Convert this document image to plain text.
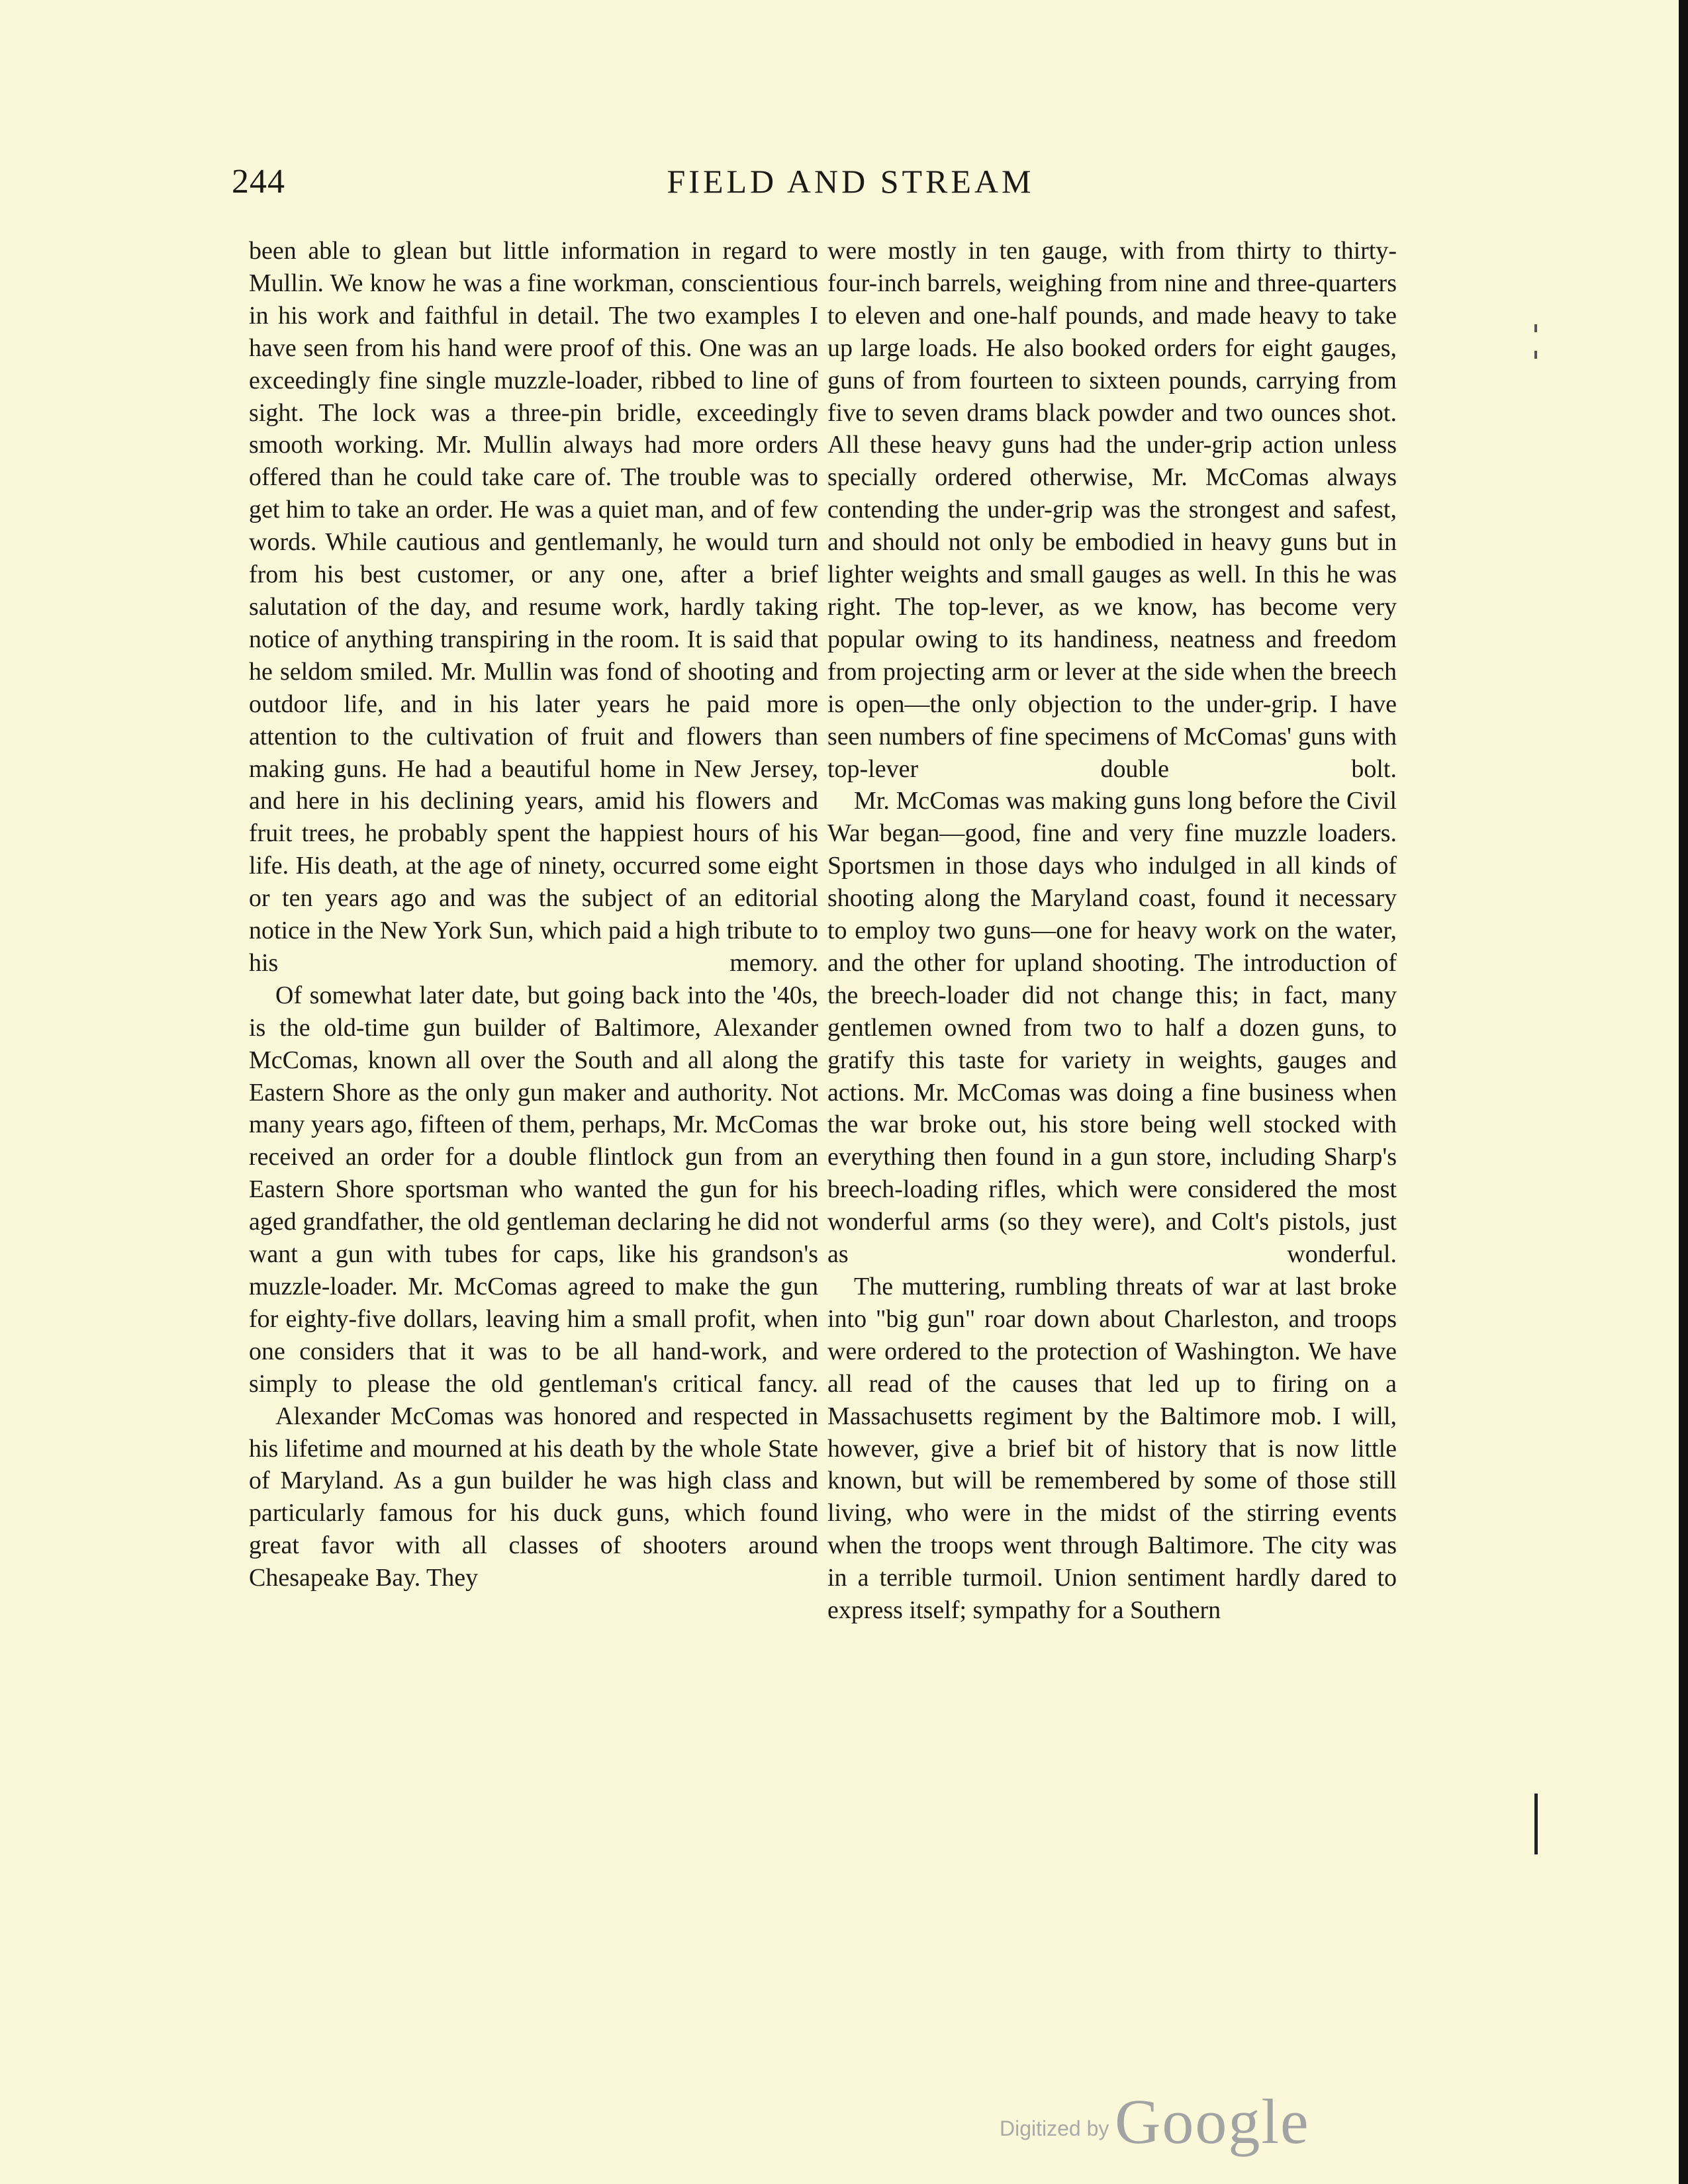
244	FIELD AND STREAM

been able to glean but little information in regard to Mullin. We know he was a fine workman, conscientious in his work and faithful in detail. The two examples I have seen from his hand were proof of this. One was an exceedingly fine single muzzle-loader, ribbed to line of sight. The lock was a three-pin bridle, exceedingly smooth working. Mr. Mullin always had more orders offered than he could take care of. The trouble was to get him to take an order. He was a quiet man, and of few words. While cautious and gentlemanly, he would turn from his best customer, or any one, after a brief salutation of the day, and resume work, hardly taking notice of anything transpiring in the room. It is said that he seldom smiled. Mr. Mullin was fond of shooting and outdoor life, and in his later years he paid more attention to the cultivation of fruit and flowers than making guns. He had a beautiful home in New Jersey, and here in his declining years, amid his flowers and fruit trees, he probably spent the happiest hours of his life. His death, at the age of ninety, occurred some eight or ten years ago and was the subject of an editorial notice in the New York Sun, which paid a high tribute to his memory.

Of somewhat later date, but going back into the '40s, is the old-time gun builder of Baltimore, Alexander McComas, known all over the South and all along the Eastern Shore as the only gun maker and authority. Not many years ago, fifteen of them, perhaps, Mr. McComas received an order for a double flintlock gun from an Eastern Shore sportsman who wanted the gun for his aged grandfather, the old gentleman declaring he did not want a gun with tubes for caps, like his grandson's muzzle-loader. Mr. McComas agreed to make the gun for eighty-five dollars, leaving him a small profit, when one considers that it was to be all hand-work, and simply to please the old gentleman's critical fancy.

Alexander McComas was honored and respected in his lifetime and mourned at his death by the whole State of Maryland. As a gun builder he was high class and particularly famous for his duck guns, which found great favor with all classes of shooters around Chesapeake Bay. They

were mostly in ten gauge, with from thirty to thirty-four-inch barrels, weighing from nine and three-quarters to eleven and one-half pounds, and made heavy to take up large loads. He also booked orders for eight gauges, guns of from fourteen to sixteen pounds, carrying from five to seven drams black powder and two ounces shot. All these heavy guns had the under-grip action unless specially ordered otherwise, Mr. McComas always contending the under-grip was the strongest and safest, and should not only be embodied in heavy guns but in lighter weights and small gauges as well. In this he was right. The top-lever, as we know, has become very popular owing to its handiness, neatness and freedom from projecting arm or lever at the side when the breech is open—the only objection to the under-grip. I have seen numbers of fine specimens of McComas' guns with top-lever double bolt.

Mr. McComas was making guns long before the Civil War began—good, fine and very fine muzzle loaders. Sportsmen in those days who indulged in all kinds of shooting along the Maryland coast, found it necessary to employ two guns—one for heavy work on the water, and the other for upland shooting. The introduction of the breech-loader did not change this; in fact, many gentlemen owned from two to half a dozen guns, to gratify this taste for variety in weights, gauges and actions. Mr. McComas was doing a fine business when the war broke out, his store being well stocked with everything then found in a gun store, including Sharp's breech-loading rifles, which were considered the most wonderful arms (so they were), and Colt's pistols, just as wonderful.

The muttering, rumbling threats of war at last broke into "big gun" roar down about Charleston, and troops were ordered to the protection of Washington. We have all read of the causes that led up to firing on a Massachusetts regiment by the Baltimore mob. I will, however, give a brief bit of history that is now little known, but will be remembered by some of those still living, who were in the midst of the stirring events when the troops went through Baltimore. The city was in a terrible turmoil. Union sentiment hardly dared to express itself; sympathy for a Southern

Digitized by Google
